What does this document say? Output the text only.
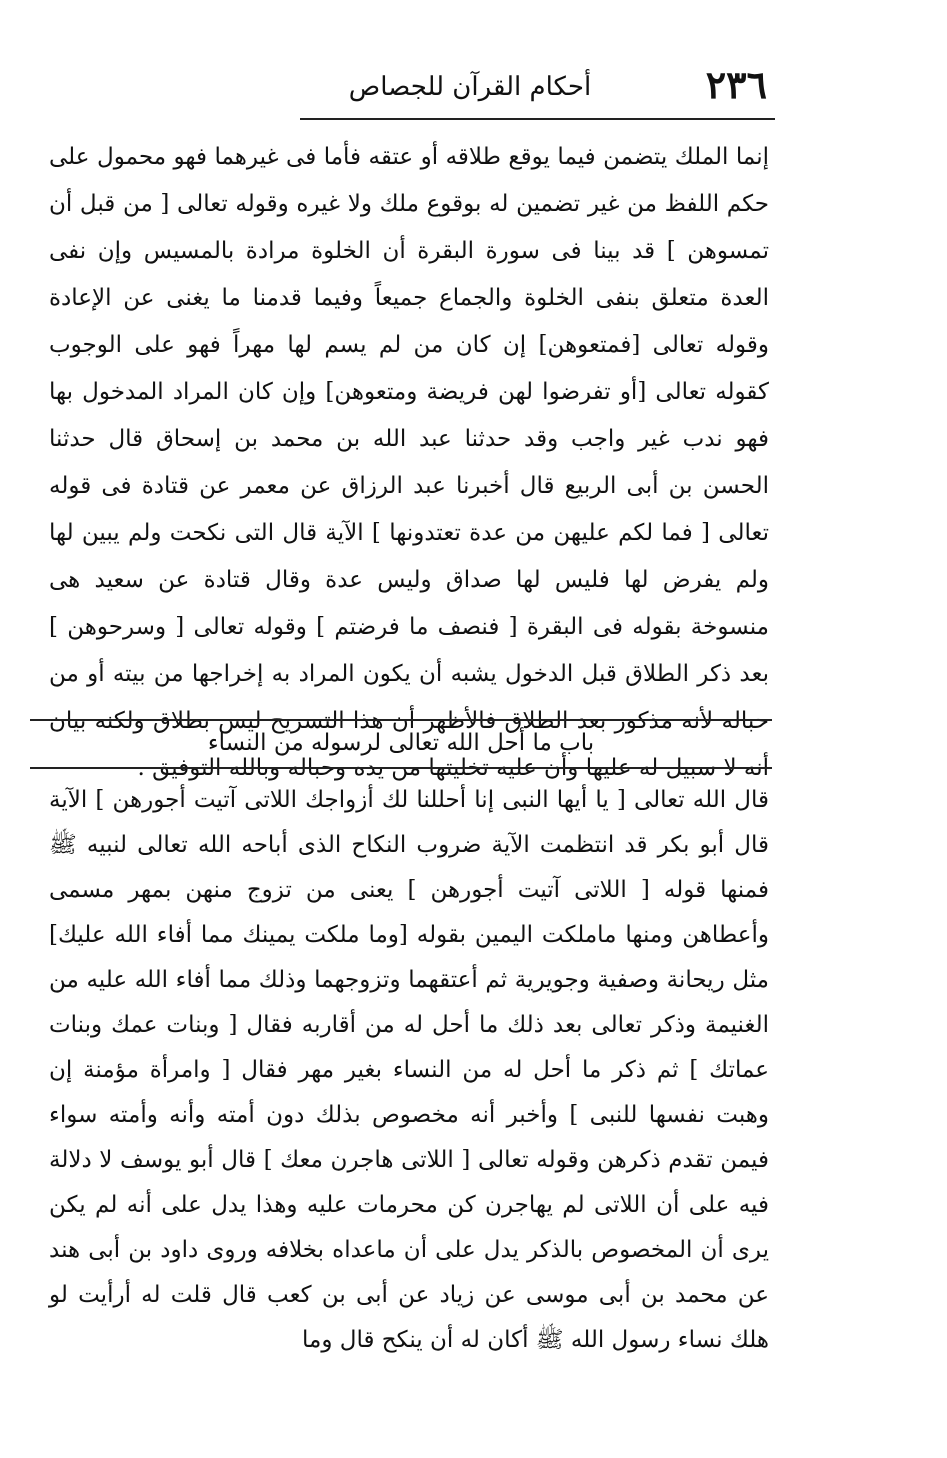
٢٣٦
أحكام القرآن للجصاص

إنما الملك يتضمن فيما يوقع طلاقه أو عتقه فأما فى غيرهما فهو محمول على حكم اللفظ من غير تضمين له بوقوع ملك ولا غيره وقوله تعالى [ من قبل أن تمسوهن ] قد بينا فى سورة البقرة أن الخلوة مرادة بالمسيس وإن نفى العدة متعلق بنفى الخلوة والجماع جميعاً وفيما قدمنا ما يغنى عن الإعادة وقوله تعالى [فمتعوهن] إن كان من لم يسم لها مهراً فهو على الوجوب كقوله تعالى [أو تفرضوا لهن فريضة ومتعوهن] وإن كان المراد المدخول بها فهو ندب غير واجب وقد حدثنا عبد الله بن محمد بن إسحاق قال حدثنا الحسن بن أبى الربيع قال أخبرنا عبد الرزاق عن معمر عن قتادة فى قوله تعالى [ فما لكم عليهن من عدة تعتدونها ] الآية قال التى نكحت ولم يبين لها ولم يفرض لها فليس لها صداق وليس عدة وقال قتادة عن سعيد هى منسوخة بقوله فى البقرة [ فنصف ما فرضتم ] وقوله تعالى [ وسرحوهن ] بعد ذكر الطلاق قبل الدخول يشبه أن يكون المراد به إخراجها من بيته أو من حباله لأنه مذكور بعد الطلاق فالأظهر أن هذا التسريح ليس بطلاق ولكنه بيان أنه لا سبيل له عليها وأن عليه تخليتها من يده وحباله وبالله التوفيق .

باب ما أحل الله تعالى لرسوله من النساء

قال الله تعالى [ يا أيها النبى إنا أحللنا لك أزواجك اللاتى آتيت أجورهن ] الآية قال أبو بكر قد انتظمت الآية ضروب النكاح الذى أباحه الله تعالى لنبيه ﷺ فمنها قوله [ اللاتى آتيت أجورهن ] يعنى من تزوج منهن بمهر مسمى وأعطاهن ومنها ماملكت اليمين بقوله [وما ملكت يمينك مما أفاء الله عليك] مثل ريحانة وصفية وجويرية ثم أعتقهما وتزوجهما وذلك مما أفاء الله عليه من الغنيمة وذكر تعالى بعد ذلك ما أحل له من أقاربه فقال [ وبنات عمك وبنات عماتك ] ثم ذكر ما أحل له من النساء بغير مهر فقال [ وامرأة مؤمنة إن وهبت نفسها للنبى ] وأخبر أنه مخصوص بذلك دون أمته وأنه وأمته سواء فيمن تقدم ذكرهن وقوله تعالى [ اللاتى هاجرن معك ] قال أبو يوسف لا دلالة فيه على أن اللاتى لم يهاجرن كن محرمات عليه وهذا يدل على أنه لم يكن يرى أن المخصوص بالذكر يدل على أن ماعداه بخلافه وروى داود بن أبى هند عن محمد بن أبى موسى عن زياد عن أبى بن كعب قال قلت له أرأيت لو هلك نساء رسول الله ﷺ أكان له أن ينكح قال وما
